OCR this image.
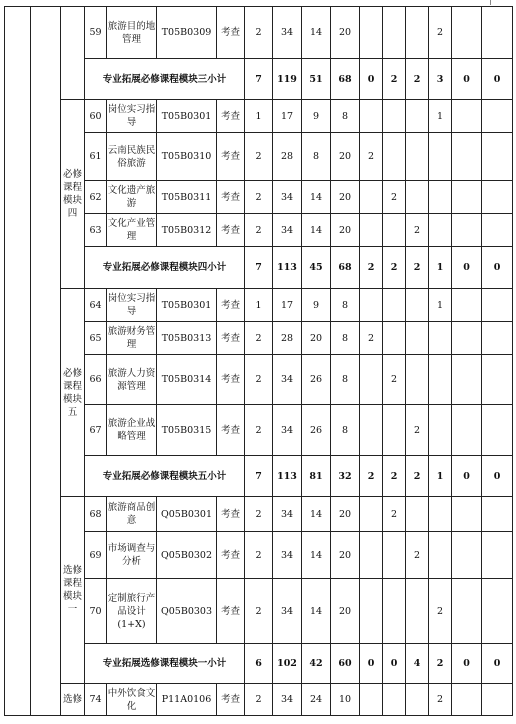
			59	旅游目的地管理	T05B0309	考查	2	34	14	20				2		
			专业拓展必修课程模块三小计				7	119	51	68	0	2	2	3	0	0
		必修课程模块四	60	岗位实习指导	T05B0301	考查	1	17	9	8				1		
			61	云南民族民俗旅游	T05B0310	考查	2	28	8	20	2					
			62	文化遗产旅游	T05B0311	考查	2	34	14	20		2				
			63	文化产业管理	T05B0312	考查	2	34	14	20			2			
			专业拓展必修课程模块四小计				7	113	45	68	2	2	2	1	0	0
		必修课程模块五	64	岗位实习指导	T05B0301	考查	1	17	9	8				1		
			65	旅游财务管理	T05B0313	考查	2	28	20	8	2					
			66	旅游人力资源管理	T05B0314	考查	2	34	26	8		2				
			67	旅游企业战略管理	T05B0315	考查	2	34	26	8			2			
			专业拓展必修课程模块五小计				7	113	81	32	2	2	2	1	0	0
		选修课程模块一	68	旅游商品创意	Q05B0301	考查	2	34	14	20		2				
			69	市场调查与分析	Q05B0302	考查	2	34	14	20			2			
			70	定制旅行产品设计(1+X)	Q05B0303	考查	2	34	14	20				2		
			专业拓展选修课程模块一小计				6	102	42	60	0	0	4	2	0	0
		选修	74	中外饮食文化	P11A0106	考查	2	34	24	10				2		
